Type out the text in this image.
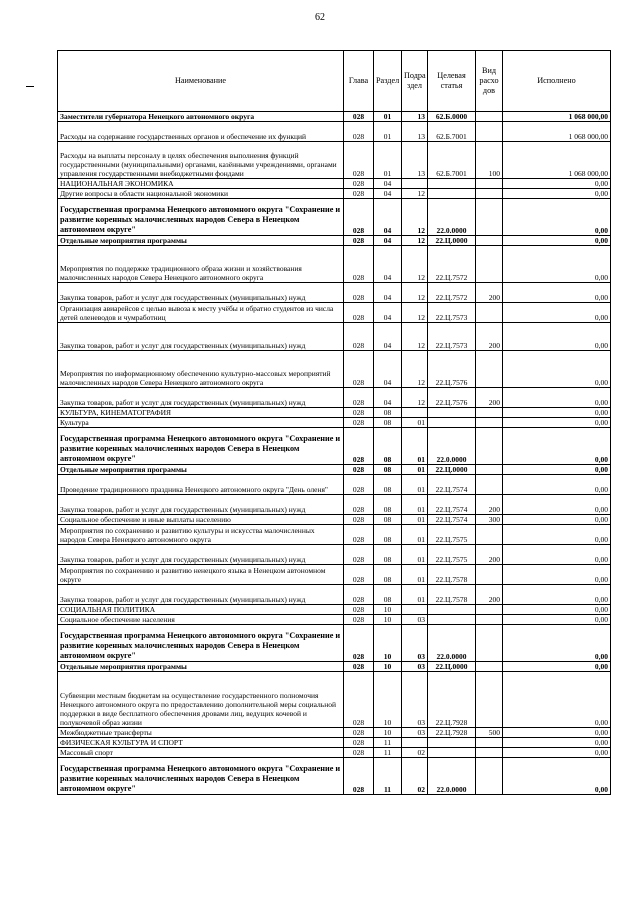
62
Наименование	Глава	Раздел	Подра здел	Целевая статья	Вид расхо дов	Исполнено
Заместители губернатора Ненецкого автономного округа	028	01	13	62.Б.0000		1 068 000,00
Расходы на содержание государственных органов и обеспечение их функций	028	01	13	62.Б.7001		1 068 000,00
Расходы на выплаты персоналу в целях обеспечения выполнения функций государственными (муниципальными) органами, казёнными учреждениями, органами управления государственными внебюджетными фондами	028	01	13	62.Б.7001	100	1 068 000,00
НАЦИОНАЛЬНАЯ ЭКОНОМИКА	028	04				0,00
Другие вопросы в области национальной экономики	028	04	12			0,00
Государственная программа Ненецкого автономного округа "Сохранение и развитие коренных малочисленных народов Севера в Ненецком автономном округе"	028	04	12	22.0.0000		0,00
Отдельные мероприятия программы	028	04	12	22.Ц.0000		0,00
Мероприятия по поддержке традиционного образа жизни и хозяйствования малочисленных народов Севера Ненецкого автономного округа	028	04	12	22.Ц.7572		0,00
Закупка товаров, работ и услуг для государственных (муниципальных) нужд	028	04	12	22.Ц.7572	200	0,00
Организация авиарейсов с целью вывоза к месту учёбы и обратно студентов из числа детей оленеводов и чумработниц	028	04	12	22.Ц.7573		0,00
Закупка товаров, работ и услуг для государственных (муниципальных) нужд	028	04	12	22.Ц.7573	200	0,00
Мероприятия по информационному обеспечению культурно-массовых мероприятий малочисленных народов Севера Ненецкого автономного округа	028	04	12	22.Ц.7576		0,00
Закупка товаров, работ и услуг для государственных (муниципальных) нужд	028	04	12	22.Ц.7576	200	0,00
КУЛЬТУРА, КИНЕМАТОГРАФИЯ	028	08				0,00
Культура	028	08	01			0,00
Государственная программа Ненецкого автономного округа "Сохранение и развитие коренных малочисленных народов Севера в Ненецком автономном округе"	028	08	01	22.0.0000		0,00
Отдельные мероприятия программы	028	08	01	22.Ц.0000		0,00
Проведение традиционного праздника Ненецкого автономного округа "День оленя"	028	08	01	22.Ц.7574		0,00
Закупка товаров, работ и услуг для государственных (муниципальных) нужд	028	08	01	22.Ц.7574	200	0,00
Социальное обеспечение и иные выплаты населению	028	08	01	22.Ц.7574	300	0,00
Мероприятия по сохранению и развитию культуры и искусства малочисленных народов Севера Ненецкого автономного округа	028	08	01	22.Ц.7575		0,00
Закупка товаров, работ и услуг для государственных (муниципальных) нужд	028	08	01	22.Ц.7575	200	0,00
Мероприятия по сохранению и развитию ненецкого языка в Ненецком автономном округе	028	08	01	22.Ц.7578		0,00
Закупка товаров, работ и услуг для государственных (муниципальных) нужд	028	08	01	22.Ц.7578	200	0,00
СОЦИАЛЬНАЯ ПОЛИТИКА	028	10				0,00
Социальное обеспечение населения	028	10	03			0,00
Государственная программа Ненецкого автономного округа "Сохранение и развитие коренных малочисленных народов Севера в Ненецком автономном округе"	028	10	03	22.0.0000		0,00
Отдельные мероприятия программы	028	10	03	22.Ц.0000		0,00
Субвенции местным бюджетам на осуществление государственного полномочия Ненецкого автономного округа по предоставлению дополнительной меры социальной поддержки в виде бесплатного обеспечения дровами лиц, ведущих кочевой и полукочевой образ жизни	028	10	03	22.Ц.7928		0,00
Межбюджетные трансферты	028	10	03	22.Ц.7928	500	0,00
ФИЗИЧЕСКАЯ КУЛЬТУРА И СПОРТ	028	11				0,00
Массовый спорт	028	11	02			0,00
Государственная программа Ненецкого автономного округа "Сохранение и развитие коренных малочисленных народов Севера в Ненецком автономном округе"	028	11	02	22.0.0000		0,00
